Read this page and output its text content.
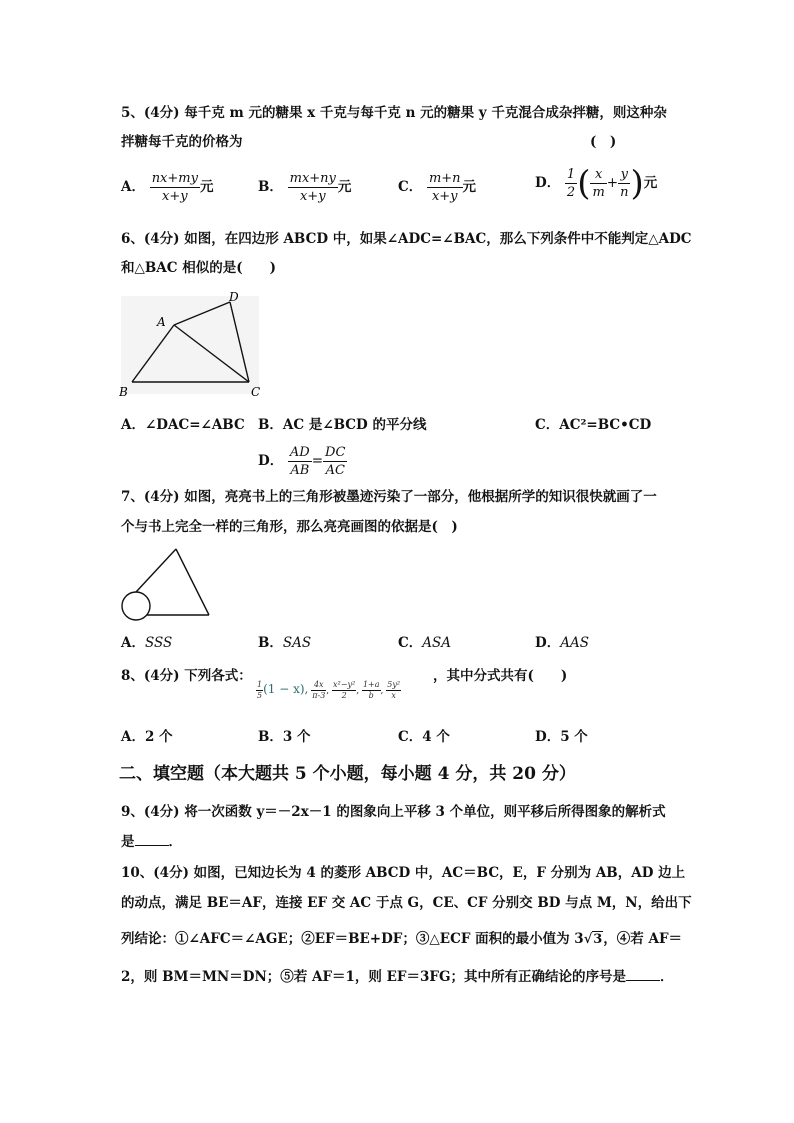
5、(4分) 每千克 m 元的糖果 x 千克与每千克 n 元的糖果 y 千克混合成杂拌糖，则这种杂
拌糖每千克的价格为	(　)
A． $\frac{nx+my}{x+y}$ 元	B． $\frac{mx+ny}{x+y}$ 元	C． $\frac{m+n}{x+y}$ 元	D． $\frac{1}{2}$ ( $\frac{x}{m} + \frac{y}{n}$ )元
6、(4分) 如图，在四边形 ABCD 中，如果∠ADC=∠BAC，那么下列条件中不能判定△ADC
和△BAC 相似的是(　　)
A
B	C
D
A．∠DAC=∠ABC B．AC 是∠BCD 的平分线	C．AC²=BC•CD
D． $\frac{AD}{AB} = \frac{DC}{AC}$
7、(4分) 如图，亮亮书上的三角形被墨迹污染了一部分，他根据所学的知识很快就画了一
个与书上完全一样的三角形，那么亮亮画图的依据是(　)
A．SSS	B．SAS	C．ASA	D．AAS
8、(4分) 下列各式：	，其中分式共有(　　)
$\frac{1}{5} (1 - x)$, $\frac{4x}{\pi-3}$ , $\frac{\text{x²−y²}}{2}$ , $\frac{1+a}{b}$ , $\frac{\text{5y²}}{x}$
A．2 个	B．3 个	C．4 个	D．5 个
二、填空题（本大题共 5 个小题，每小题 4 分，共 20 分）
9、(4分) 将一次函数 y＝－2x－1 的图象向上平移 3 个单位，则平移后所得图象的解析式
是	．
10、(4分) 如图，已知边长为 4 的菱形 ABCD 中，AC＝BC，E，F 分别为 AB，AD 边上
的动点，满足 BE＝AF，连接 EF 交 AC 于点 G，CE、CF 分别交 BD 与点 M，N，给出下
列结论：①∠AFC＝∠AGE；②EF＝BE+DF；③△ECF 面积的最小值为 3√3，④若 AF＝
2，则 BM＝MN＝DN；⑤若 AF＝1，则 EF＝3FG；其中所有正确结论的序号是	．
